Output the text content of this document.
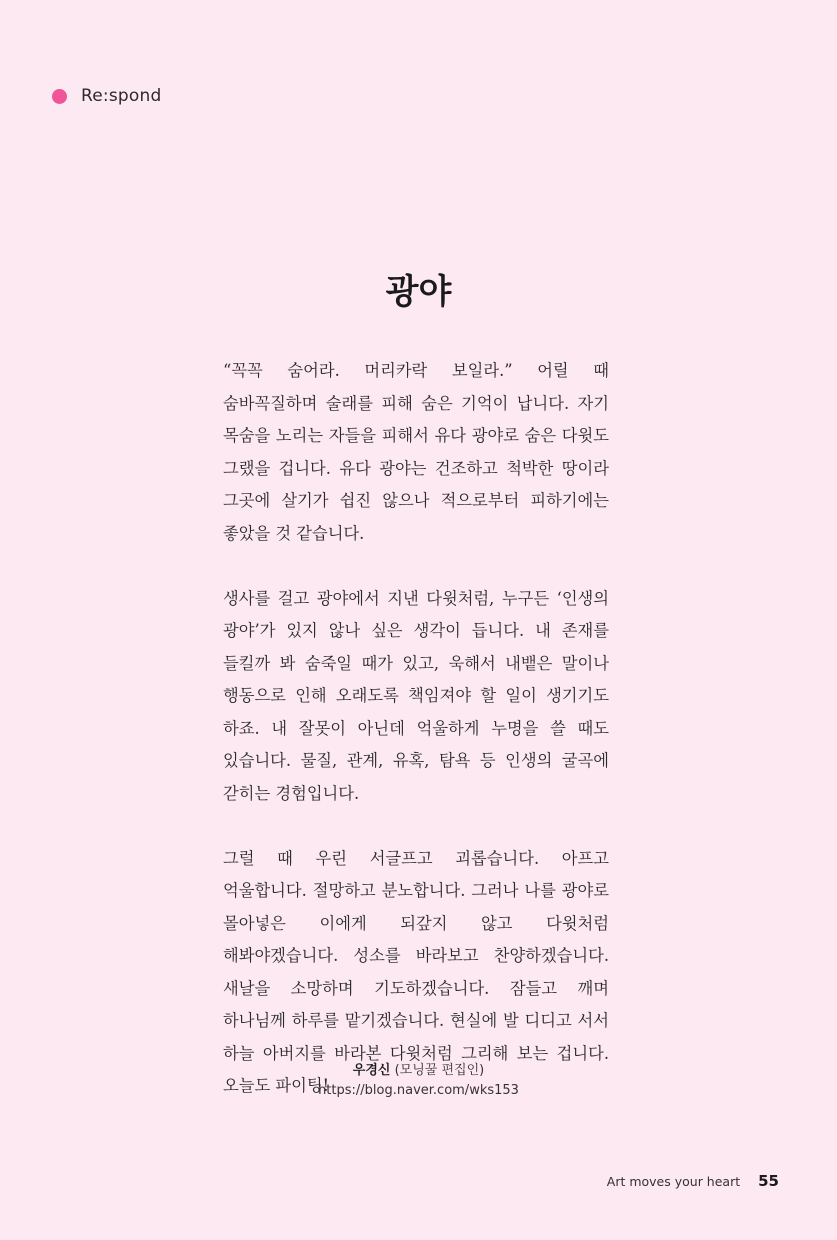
Re:spond
광야

“꼭꼭 숨어라. 머리카락 보일라.” 어릴 때 숨바꼭질하며 술래를 피해 숨은 기억이 납니다. 자기 목숨을 노리는 자들을 피해서 유다 광야로 숨은 다윗도 그랬을 겁니다. 유다 광야는 건조하고 척박한 땅이라 그곳에 살기가 쉽진 않으나 적으로부터 피하기에는 좋았을 것 같습니다.

생사를 걸고 광야에서 지낸 다윗처럼, 누구든 ‘인생의 광야’가 있지 않나 싶은 생각이 듭니다. 내 존재를 들킬까 봐 숨죽일 때가 있고, 욱해서 내뱉은 말이나 행동으로 인해 오래도록 책임져야 할 일이 생기기도 하죠. 내 잘못이 아닌데 억울하게 누명을 쓸 때도 있습니다. 물질, 관계, 유혹, 탐욕 등 인생의 굴곡에 갇히는 경험입니다.

그럴 때 우린 서글프고 괴롭습니다. 아프고 억울합니다. 절망하고 분노합니다. 그러나 나를 광야로 몰아넣은 이에게 되갚지 않고 다윗처럼 해봐야겠습니다. 성소를 바라보고 찬양하겠습니다. 새날을 소망하며 기도하겠습니다. 잠들고 깨며 하나님께 하루를 맡기겠습니다. 현실에 발 디디고 서서 하늘 아버지를 바라본 다윗처럼 그리해 보는 겁니다. 오늘도 파이팅!

우경신 (모닝꿀 편집인)
https://blog.naver.com/wks153
Art moves your heart 55
